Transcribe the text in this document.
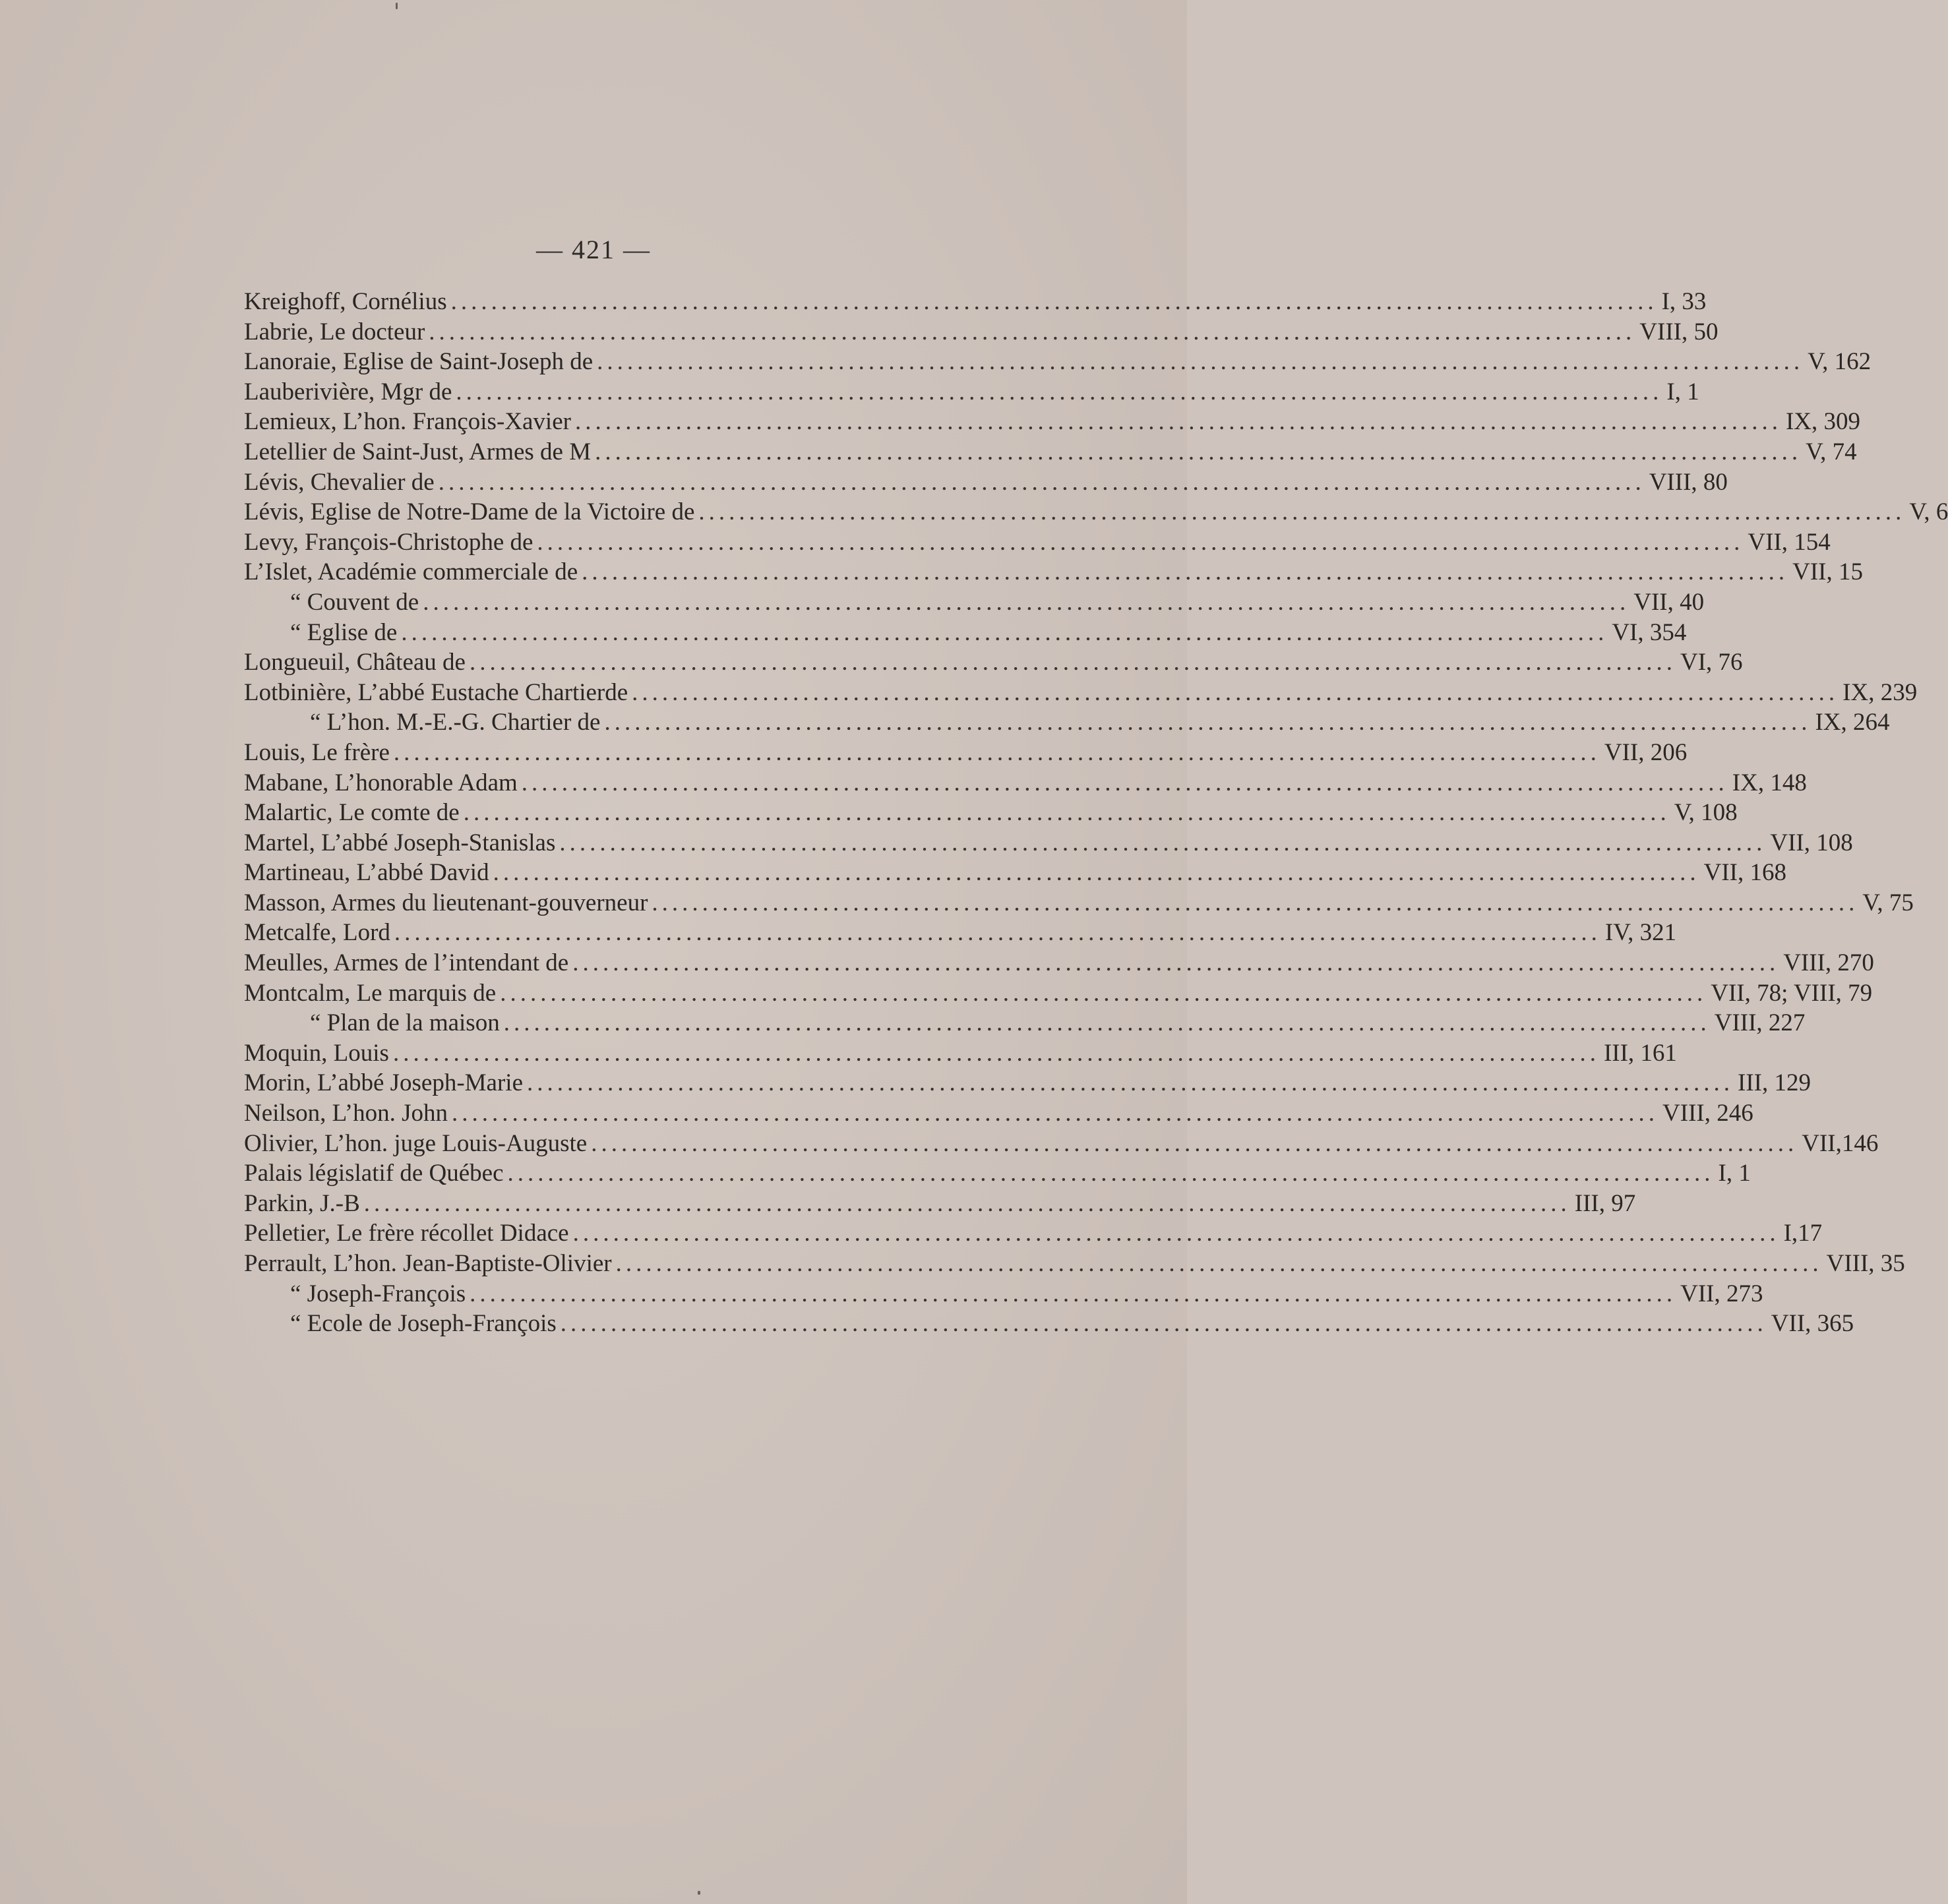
— 421 —
Kreighoff, Cornélius ........................................................................................................................ I, 33
Labrie, Le docteur ........................................................................................................................ VIII, 50
Lanoraie, Eglise de Saint-Joseph de ........................................................................................................................ V, 162
Lauberivière, Mgr de ........................................................................................................................ I, 1
Lemieux, L’hon. François-Xavier ........................................................................................................................ IX, 309
Letellier de Saint-Just, Armes de M ........................................................................................................................ V, 74
Lévis, Chevalier de ........................................................................................................................ VIII, 80
Lévis, Eglise de Notre-Dame de la Victoire de ........................................................................................................................ V, 6
Levy, François-Christophe de ........................................................................................................................ VII, 154
L’Islet, Académie commerciale de ........................................................................................................................ VII, 15
“ Couvent de ........................................................................................................................ VII, 40
“ Eglise de ........................................................................................................................ VI, 354
Longueuil, Château de ........................................................................................................................ VI, 76
Lotbinière, L’abbé Eustache Chartierde ........................................................................................................................ IX, 239
“ L’hon. M.-E.-G. Chartier de ........................................................................................................................ IX, 264
Louis, Le frère ........................................................................................................................ VII, 206
Mabane, L’honorable Adam ........................................................................................................................ IX, 148
Malartic, Le comte de ........................................................................................................................ V, 108
Martel, L’abbé Joseph-Stanislas ........................................................................................................................ VII, 108
Martineau, L’abbé David ........................................................................................................................ VII, 168
Masson, Armes du lieutenant-gouverneur ........................................................................................................................ V, 75
Metcalfe, Lord ........................................................................................................................ IV, 321
Meulles, Armes de l’intendant de ........................................................................................................................ VIII, 270
Montcalm, Le marquis de ........................................................................................................................ VII, 78; VIII, 79
“ Plan de la maison ........................................................................................................................ VIII, 227
Moquin, Louis ........................................................................................................................ III, 161
Morin, L’abbé Joseph-Marie ........................................................................................................................ III, 129
Neilson, L’hon. John ........................................................................................................................ VIII, 246
Olivier, L’hon. juge Louis-Auguste ........................................................................................................................ VII,146
Palais législatif de Québec ........................................................................................................................ I, 1
Parkin, J.-B ........................................................................................................................ III, 97
Pelletier, Le frère récollet Didace ........................................................................................................................ I,17
Perrault, L’hon. Jean-Baptiste-Olivier ........................................................................................................................ VIII, 35
“ Joseph-François ........................................................................................................................ VII, 273
“ Ecole de Joseph-François ........................................................................................................................ VII, 365
